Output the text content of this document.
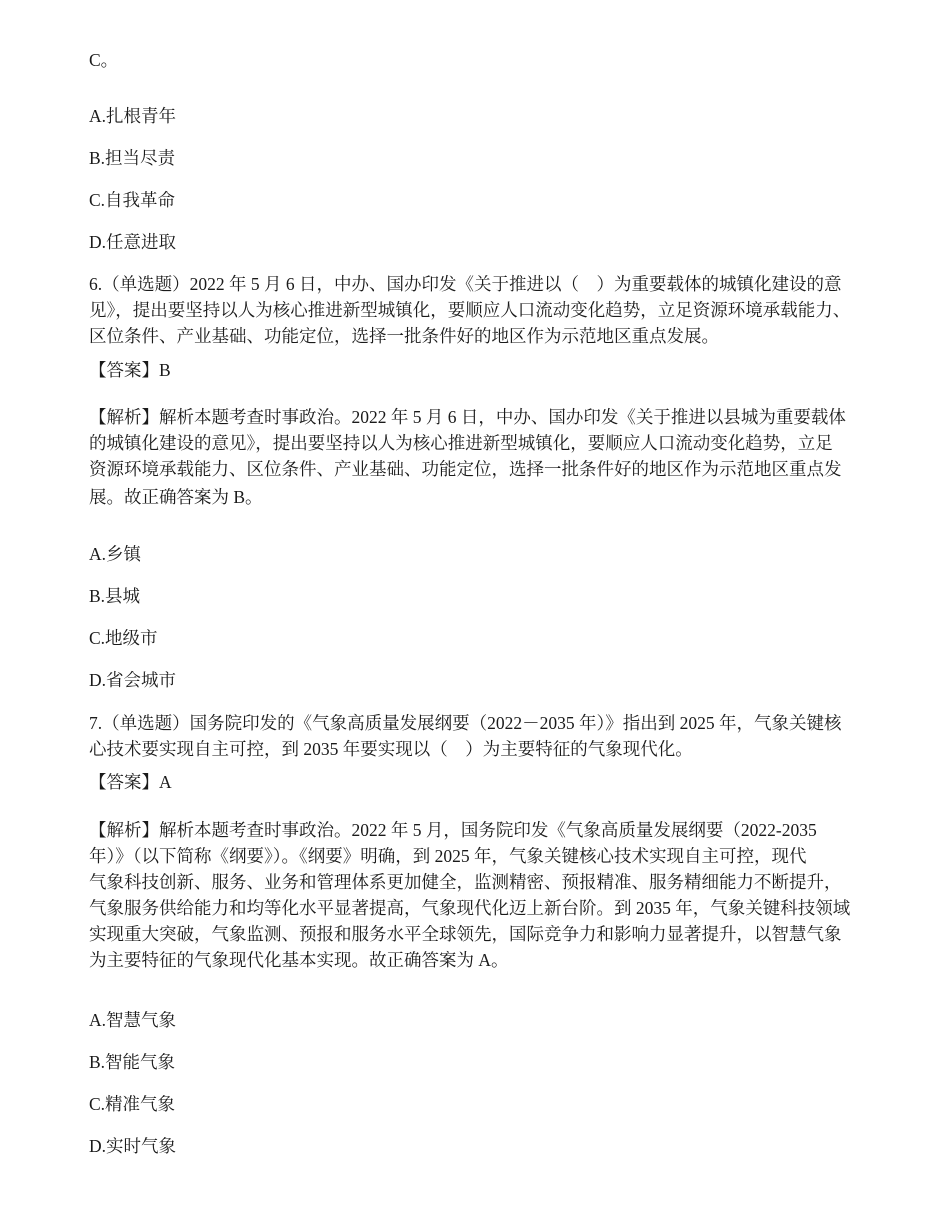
C。
A.扎根青年
B.担当尽责
C.自我革命
D.任意进取
6.（单选题）2022 年 5 月 6 日，中办、国办印发《关于推进以（　）为重要载体的城镇化建设的意
见》，提出要坚持以人为核心推进新型城镇化，要顺应人口流动变化趋势，立足资源环境承载能力、
区位条件、产业基础、功能定位，选择一批条件好的地区作为示范地区重点发展。
【答案】B
【解析】解析本题考查时事政治。2022 年 5 月 6 日，中办、国办印发《关于推进以县城为重要载体
的城镇化建设的意见》，提出要坚持以人为核心推进新型城镇化，要顺应人口流动变化趋势，立足
资源环境承载能力、区位条件、产业基础、功能定位，选择一批条件好的地区作为示范地区重点发
展。故正确答案为 B。
A.乡镇
B.县城
C.地级市
D.省会城市
7.（单选题）国务院印发的《气象高质量发展纲要（2022－2035 年）》指出到 2025 年，气象关键核
心技术要实现自主可控，到 2035 年要实现以（　）为主要特征的气象现代化。
【答案】A
【解析】解析本题考查时事政治。2022 年 5 月，国务院印发《气象高质量发展纲要（2022-2035
年）》（以下简称《纲要》）。《纲要》明确，到 2025 年，气象关键核心技术实现自主可控，现代
气象科技创新、服务、业务和管理体系更加健全，监测精密、预报精准、服务精细能力不断提升，
气象服务供给能力和均等化水平显著提高，气象现代化迈上新台阶。到 2035 年，气象关键科技领域
实现重大突破，气象监测、预报和服务水平全球领先，国际竞争力和影响力显著提升，以智慧气象
为主要特征的气象现代化基本实现。故正确答案为 A。
A.智慧气象
B.智能气象
C.精准气象
D.实时气象
